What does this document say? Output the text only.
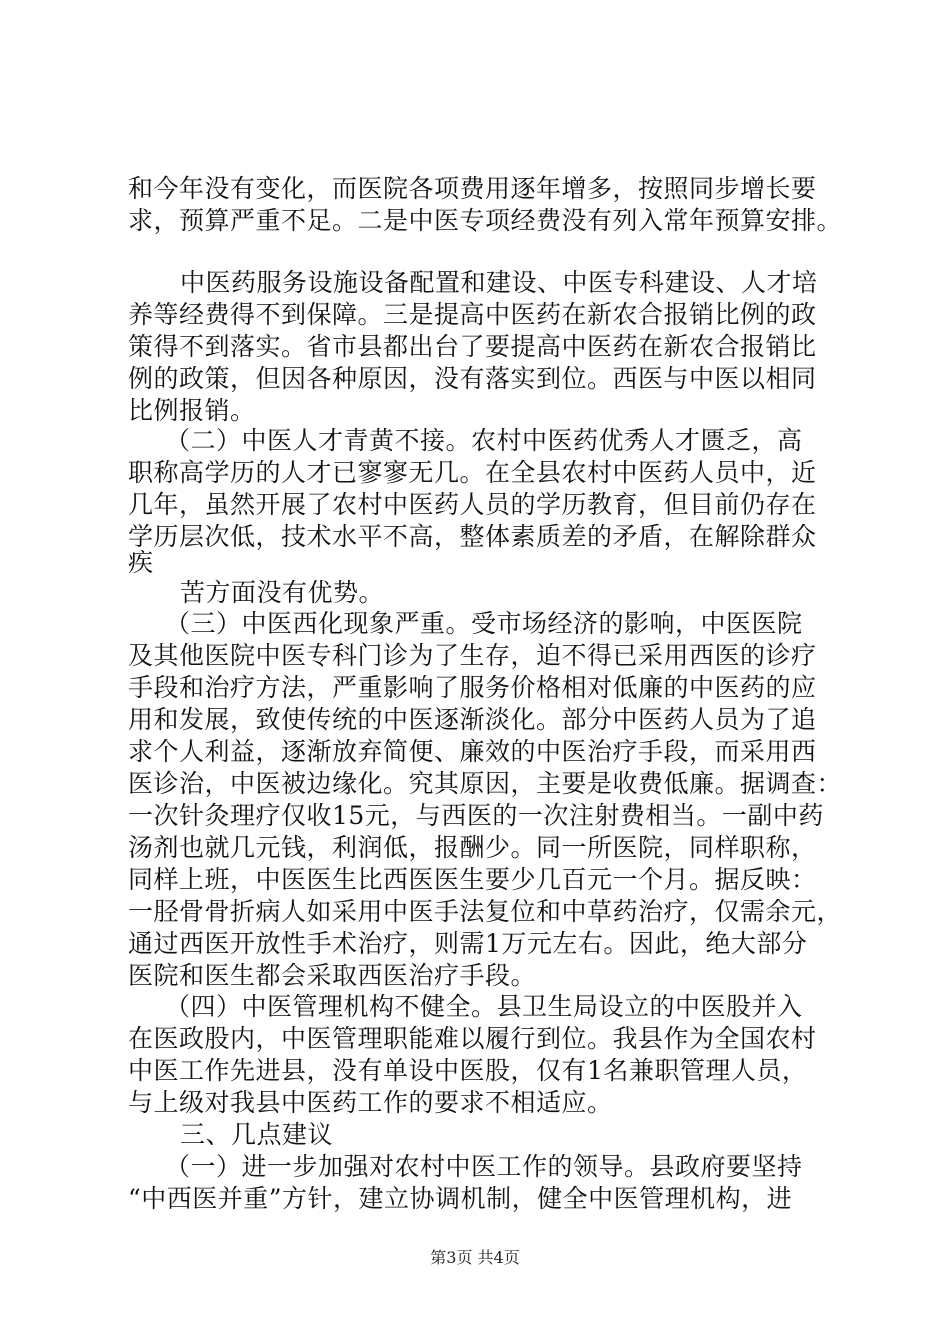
和今年没有变化，而医院各项费用逐年增多，按照同步增长要
求，预算严重不足。二是中医专项经费没有列入常年预算安排。
中医药服务设施设备配置和建设、中医专科建设、人才培
养等经费得不到保障。三是提高中医药在新农合报销比例的政
策得不到落实。省市县都出台了要提高中医药在新农合报销比
例的政策，但因各种原因，没有落实到位。西医与中医以相同
比例报销。
（二）中医人才青黄不接。农村中医药优秀人才匮乏，高
职称高学历的人才已寥寥无几。在全县农村中医药人员中，近
几年，虽然开展了农村中医药人员的学历教育，但目前仍存在
学历层次低，技术水平不高，整体素质差的矛盾，在解除群众
疾
苦方面没有优势。
（三）中医西化现象严重。受市场经济的影响，中医医院
及其他医院中医专科门诊为了生存，迫不得已采用西医的诊疗
手段和治疗方法，严重影响了服务价格相对低廉的中医药的应
用和发展，致使传统的中医逐渐淡化。部分中医药人员为了追
求个人利益，逐渐放弃简便、廉效的中医治疗手段，而采用西
医诊治，中医被边缘化。究其原因，主要是收费低廉。据调查：
一次针灸理疗仅收15元，与西医的一次注射费相当。一副中药
汤剂也就几元钱，利润低，报酬少。同一所医院，同样职称，
同样上班，中医医生比西医医生要少几百元一个月。据反映：
一胫骨骨折病人如采用中医手法复位和中草药治疗，仅需余元，
通过西医开放性手术治疗，则需1万元左右。因此，绝大部分
医院和医生都会采取西医治疗手段。
（四）中医管理机构不健全。县卫生局设立的中医股并入
在医政股内，中医管理职能难以履行到位。我县作为全国农村
中医工作先进县，没有单设中医股，仅有1名兼职管理人员，
与上级对我县中医药工作的要求不相适应。
三、几点建议
（一）进一步加强对农村中医工作的领导。县政府要坚持
“中西医并重”方针，建立协调机制，健全中医管理机构，进
第3页 共4页
